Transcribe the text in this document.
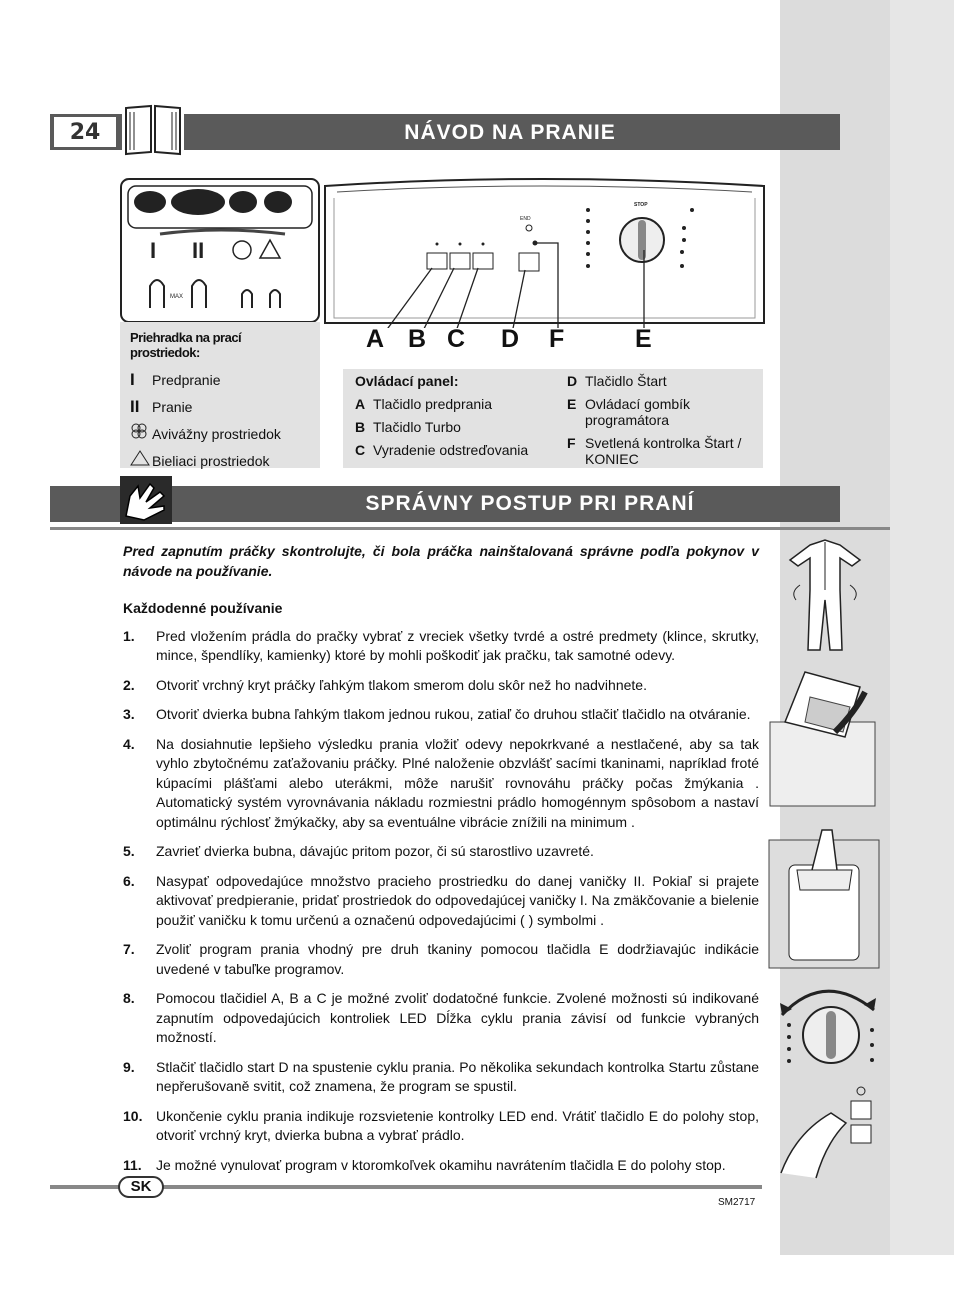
NÁVOD NA PRANIE
24
I II
MAX
END
STOP
A B C D F	E
Priehradka na prací prostriedok:
I	Predpranie
II Pranie
Avivážny prostriedok
Bieliaci prostriedok
Ovládací panel:
A Tlačidlo predprania
B Tlačidlo Turbo
C Vyradenie odstreďovania
D Tlačidlo Štart
E Ovládací gombík programátora
F Svetlená kontrolka Štart / KONIEC
SPRÁVNY POSTUP PRI PRANÍ

Pred zapnutím práčky skontrolujte, či bola práčka nainštalovaná správne podľa pokynov v návode na používanie.

Každodenné používanie

1.	Pred vložením prádla do pračky vybrať z vreciek všetky tvrdé a ostré predmety (klince, skrutky, mince, špendlíky, kamienky) ktoré by mohli poškodiť jak pračku, tak samotné odevy.
2.	Otvoriť vrchný kryt práčky ľahkým tlakom smerom dolu skôr než ho nadvihnete.
3.	Otvoriť dvierka bubna ľahkým tlakom jednou rukou, zatiaľ čo druhou stlačiť tlačidlo na otváranie.
4.	Na dosiahnutie lepšieho výsledku prania vložiť odevy nepokrkvané a nestlačené, aby sa tak vyhlo zbytočnému zaťažovaniu práčky. Plné naloženie obzvlášť sacími tkaninami, napríklad froté kúpacími plášťami alebo uterákmi, môže narušiť rovnováhu práčky počas žmýkania . Automatický systém vyrovnávania nákladu rozmiestni prádlo homogénnym spôsobom a nastaví optimálnu rýchlosť žmýkačky, aby sa eventuálne vibrácie znížili na minimum .
5.	Zavrieť dvierka bubna, dávajúc pritom pozor, či sú starostlivo uzavreté.
6.	Nasypať odpovedajúce množstvo pracieho prostriedku do danej vaničky II. Pokiaľ si prajete aktivovať predpieranie, pridať prostriedok do odpovedajúcej vaničky I. Na zmäkčovanie a bielenie použiť vaničku k tomu určenú a označenú odpovedajúcimi ( ) symbolmi .
7.	Zvoliť program prania vhodný pre druh tkaniny pomocou tlačidla E dodržiavajúc indikácie uvedené v tabuľke programov.
8.	Pomocou tlačidiel A, B a C je možné zvoliť dodatočné funkcie. Zvolené možnosti sú indikované zapnutím odpovedajúcich kontroliek LED Dĺžka cyklu prania závisí od funkcie vybraných možností.
9.	Stlačiť tlačidlo start D na spustenie cyklu prania. Po několika sekundach kontrolka Startu zůstane nepřerušovaně svitit, což znamena, že program se spustil.
10. Ukončenie cyklu prania indikuje rozsvietenie kontrolky LED end. Vrátiť tlačidlo E do polohy stop, otvoriť vrchný kryt, dvierka bubna a vybrať prádlo.
11.	Je možné vynulovať program v ktoromkoľvek okamihu navrátením tlačidla E do polohy stop.
SK
SM2717
